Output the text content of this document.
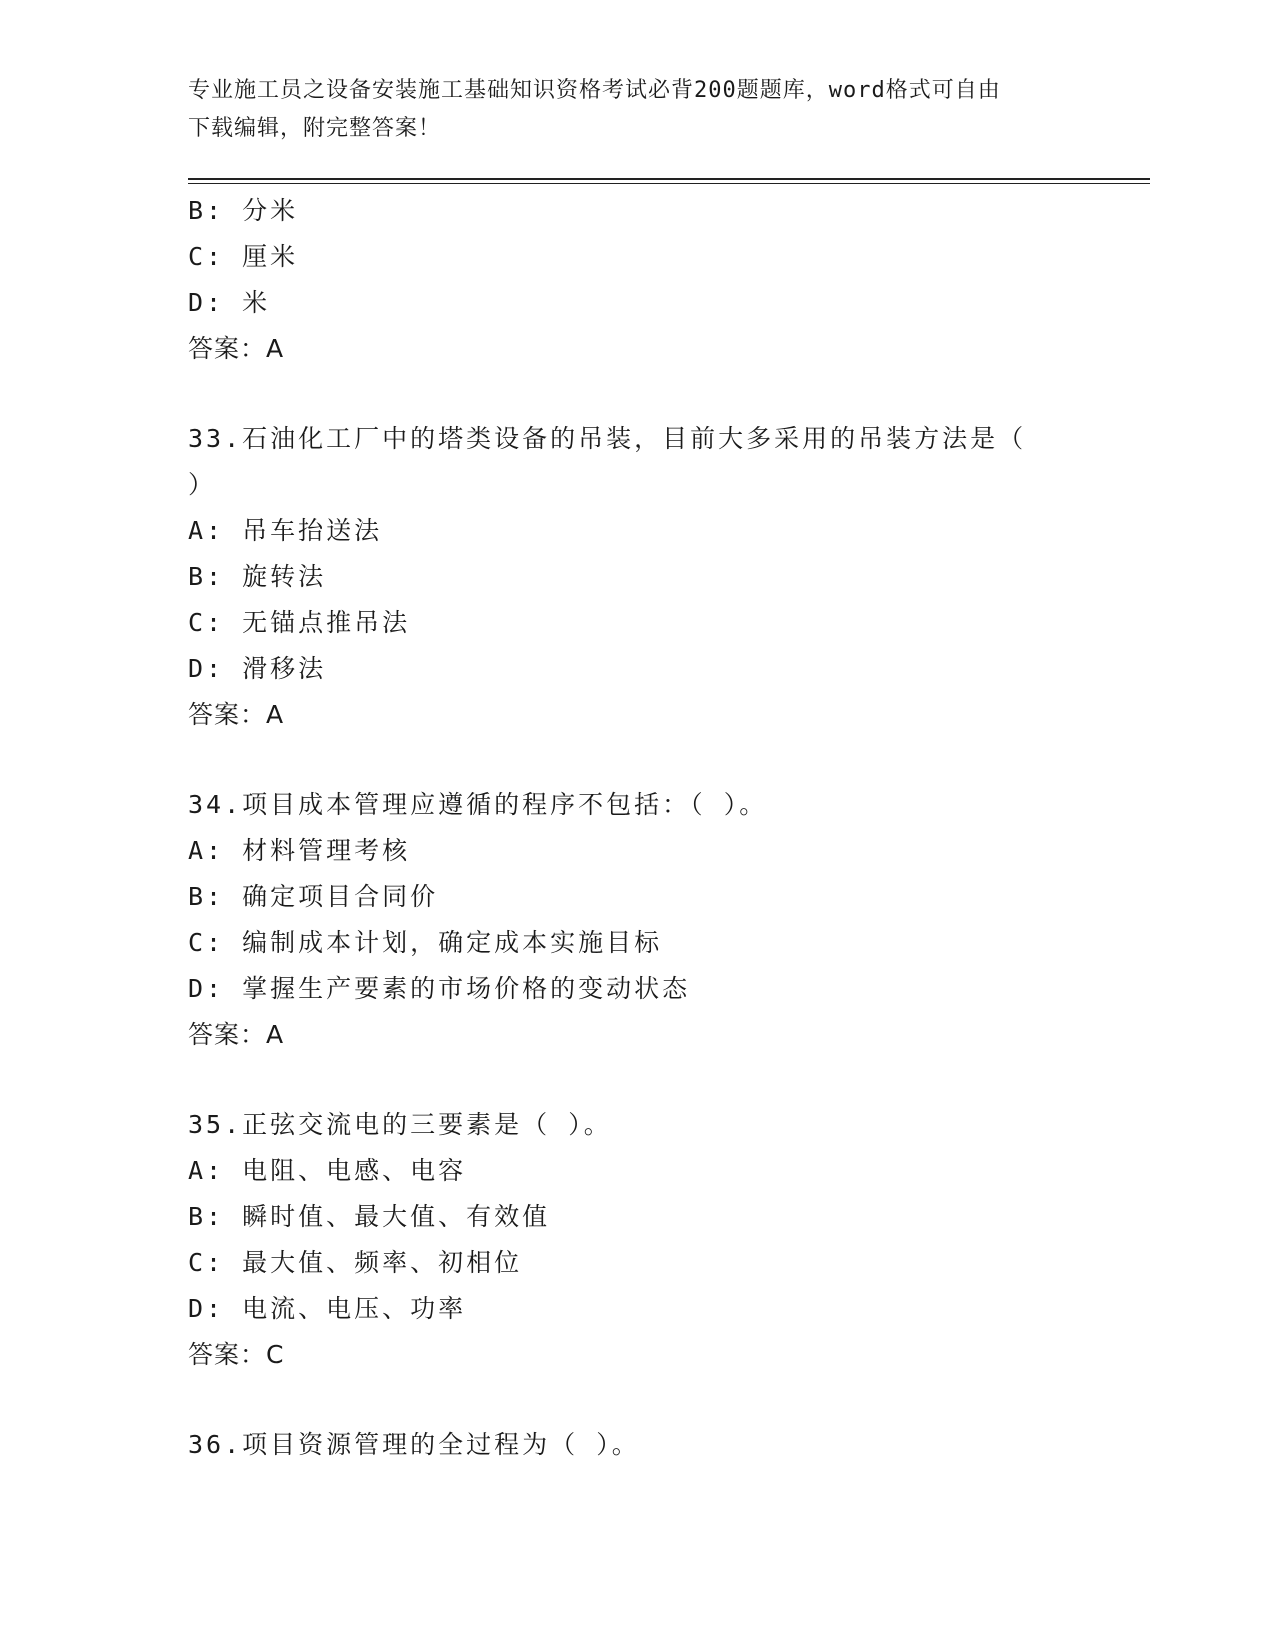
专业施工员之设备安装施工基础知识资格考试必背200题题库，word格式可自由
下载编辑，附完整答案！
B: 分米
C: 厘米
D: 米
答案：A
33.石油化工厂中的塔类设备的吊装，目前大多采用的吊装方法是（
）
A: 吊车抬送法
B: 旋转法
C: 无锚点推吊法
D: 滑移法
答案：A
34.项目成本管理应遵循的程序不包括：（ ）。
A: 材料管理考核
B: 确定项目合同价
C: 编制成本计划，确定成本实施目标
D: 掌握生产要素的市场价格的变动状态
答案：A
35.正弦交流电的三要素是（ ）。
A: 电阻、电感、电容
B: 瞬时值、最大值、有效值
C: 最大值、频率、初相位
D: 电流、电压、功率
答案：C
36.项目资源管理的全过程为（ ）。
